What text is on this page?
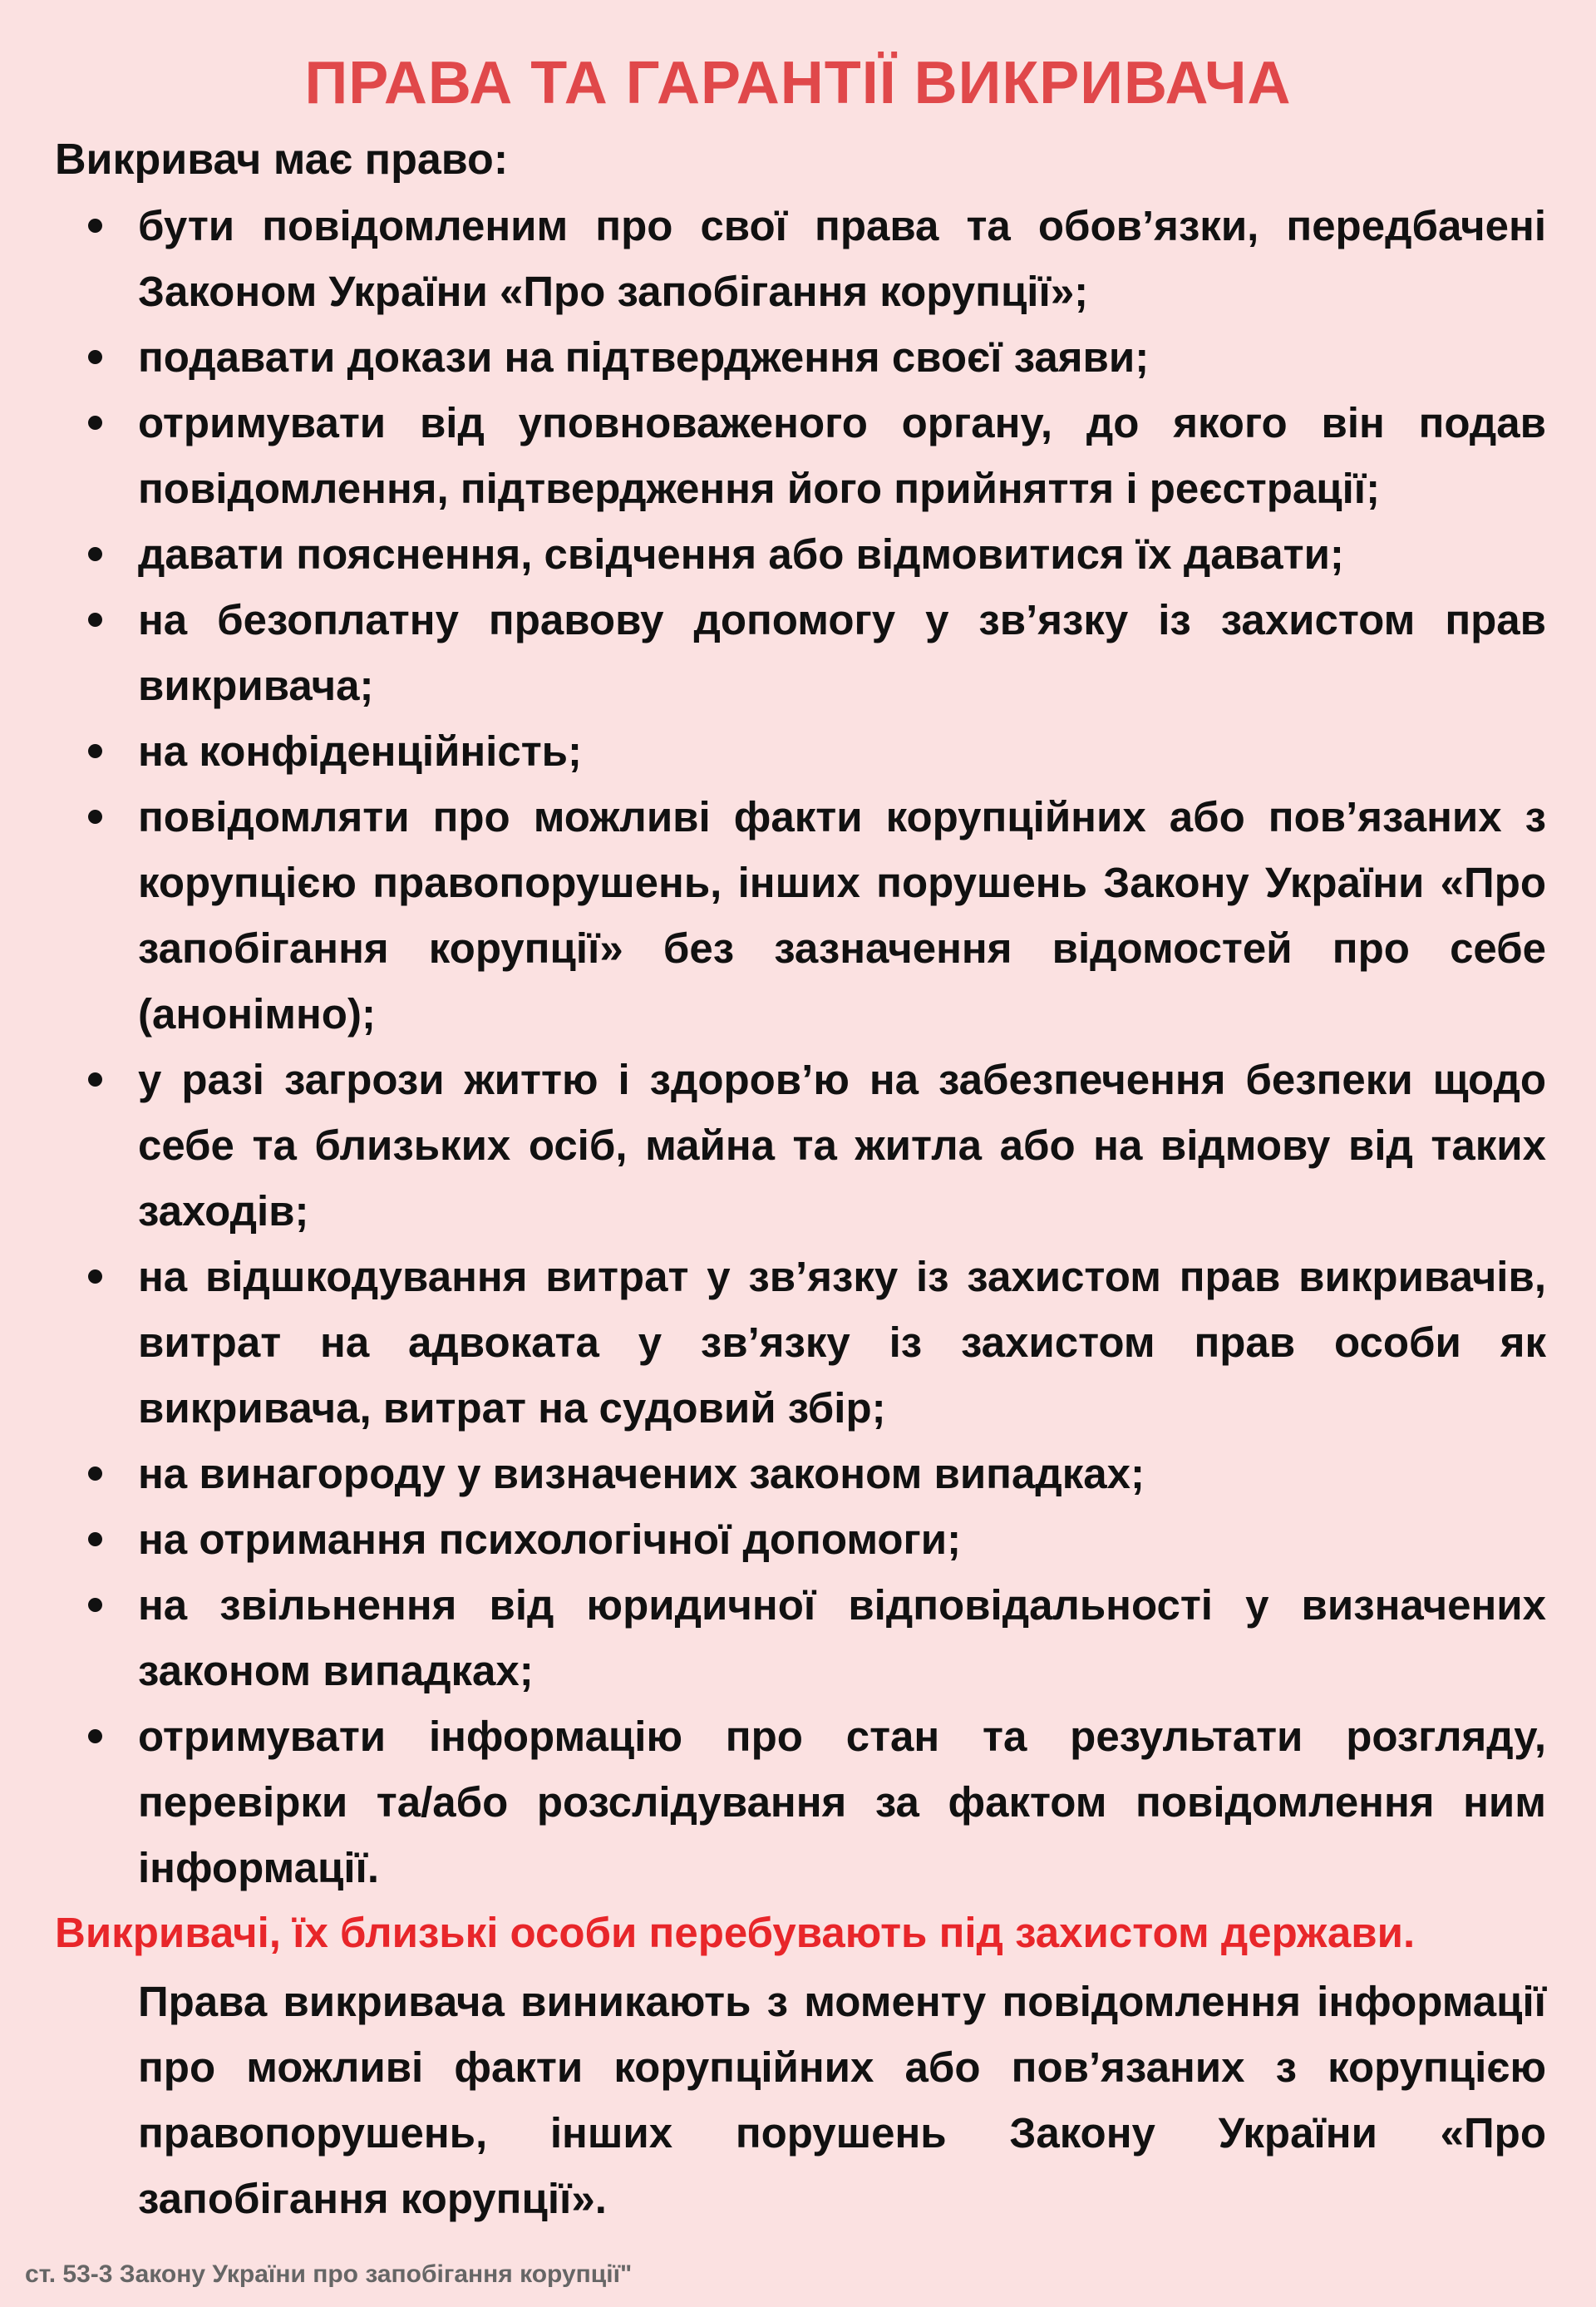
ПРАВА ТА ГАРАНТІЇ ВИКРИВАЧА

Викривач має право:

бути повідомленим про свої права та обов’язки, передбачені Законом України «Про запобігання корупції»;
подавати докази на підтвердження своєї заяви;
отримувати від уповноваженого органу, до якого він подав повідомлення, підтвердження його прийняття і реєстрації;
давати пояснення, свідчення або відмовитися їх давати;
на безоплатну правову допомогу у зв’язку із захистом прав викривача;
на конфіденційність;
повідомляти про можливі факти корупційних або пов’язаних з корупцією правопорушень, інших порушень Закону України «Про запобігання корупції» без зазначення відомостей про себе (анонімно);
у разі загрози життю і здоров’ю на забезпечення безпеки щодо себе та близьких осіб, майна та житла або на відмову від таких заходів;
на відшкодування витрат у зв’язку із захистом прав викривачів, витрат на адвоката у зв’язку із захистом прав особи як викривача, витрат на судовий збір;
на винагороду у визначених законом випадках;
на отримання психологічної допомоги;
на звільнення від юридичної відповідальності у визначених законом випадках;
отримувати інформацію про стан та результати розгляду, перевірки та/або розслідування за фактом повідомлення ним інформації.

Викривачі, їх близькі особи перебувають під захистом держави.

Права викривача виникають з моменту повідомлення інформації про можливі факти корупційних або пов’язаних з корупцією правопорушень, інших порушень Закону України «Про запобігання корупції».

ст. 53-3 Закону України про запобігання корупції"
